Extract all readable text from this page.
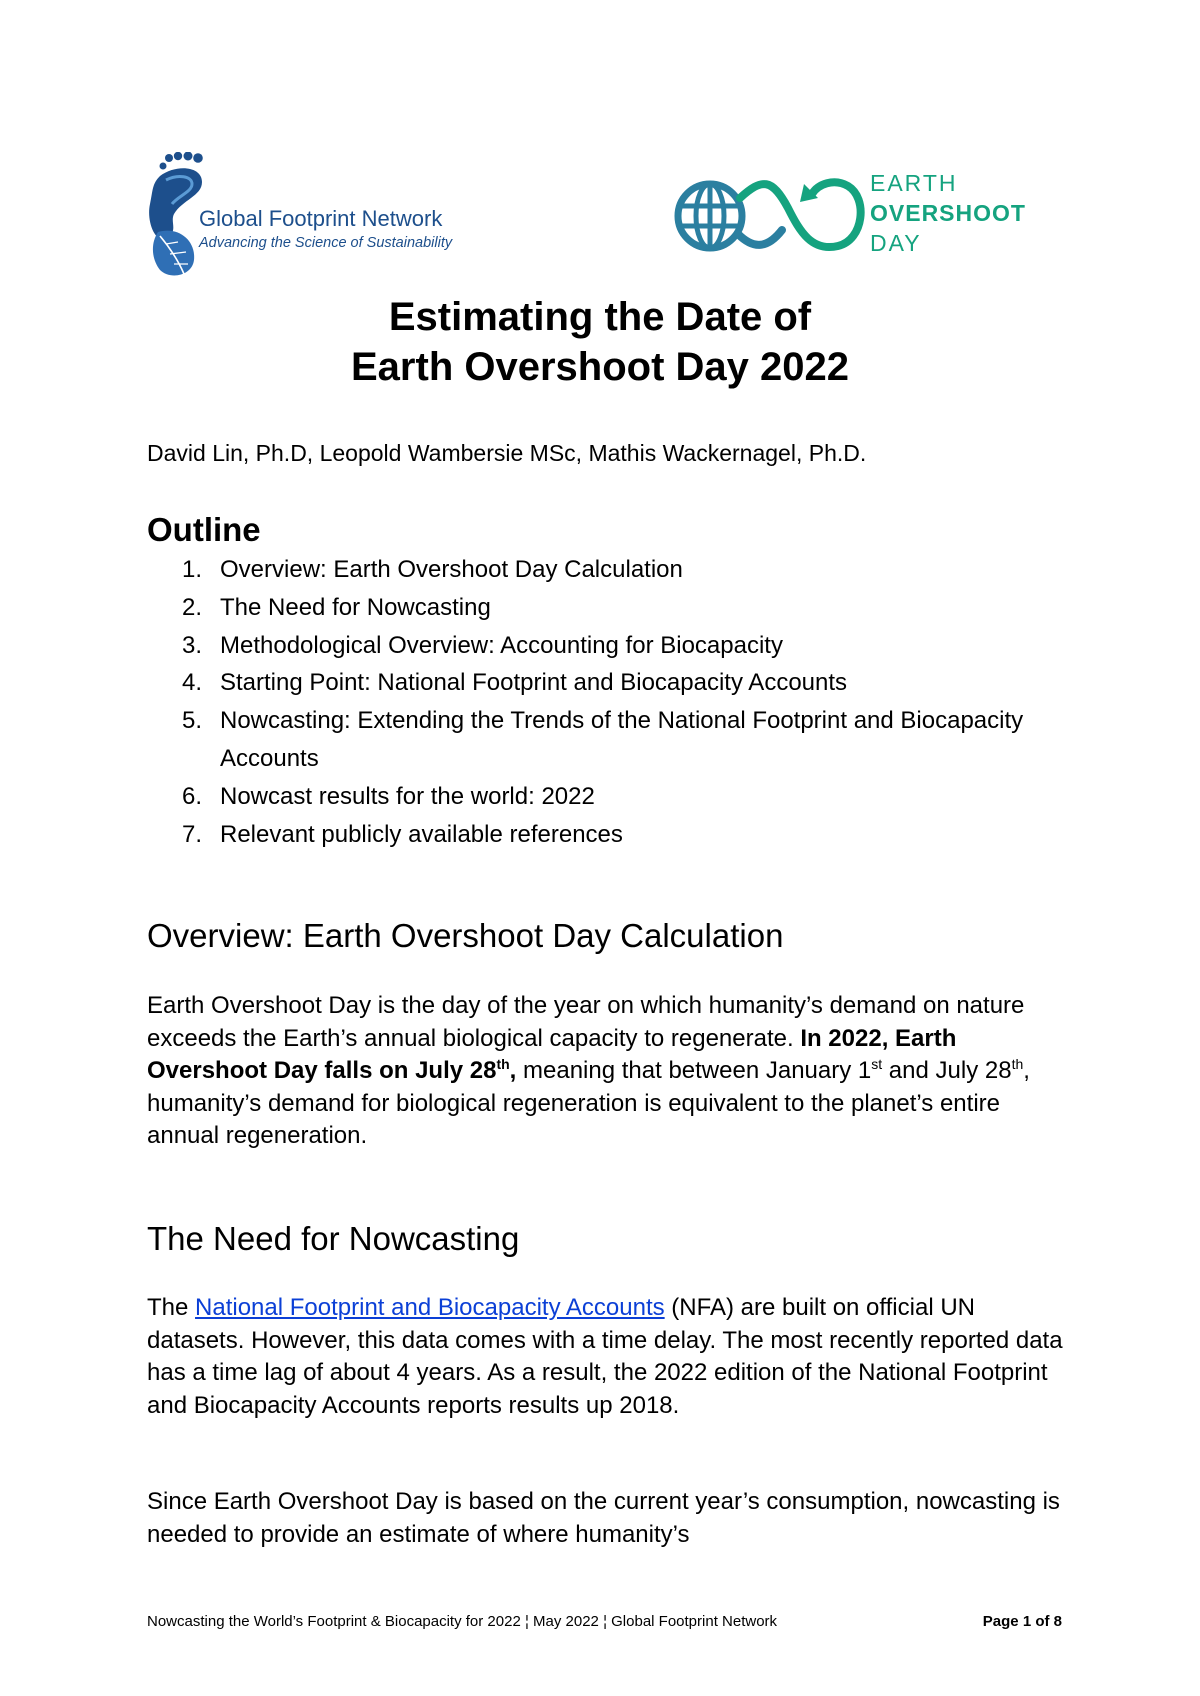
Global Footprint Network
Advancing the Science of Sustainability
EARTH
OVERSHOOT
DAY
Estimating the Date of
Earth Overshoot Day 2022
David Lin, Ph.D, Leopold Wambersie MSc, Mathis Wackernagel, Ph.D.
Outline
1. Overview: Earth Overshoot Day Calculation
2. The Need for Nowcasting
3. Methodological Overview: Accounting for Biocapacity
4. Starting Point: National Footprint and Biocapacity Accounts
5. Nowcasting: Extending the Trends of the National Footprint and Biocapacity Accounts
6. Nowcast results for the world: 2022
7. Relevant publicly available references
Overview: Earth Overshoot Day Calculation

Earth Overshoot Day is the day of the year on which humanity’s demand on nature exceeds the Earth’s annual biological capacity to regenerate. In 2022, Earth Overshoot Day falls on July 28th, meaning that between January 1st and July 28th, humanity’s demand for biological regeneration is equivalent to the planet’s entire annual regeneration.

The Need for Nowcasting

The National Footprint and Biocapacity Accounts (NFA) are built on official UN datasets. However, this data comes with a time delay. The most recently reported data has a time lag of about 4 years. As a result, the 2022 edition of the National Footprint and Biocapacity Accounts reports results up 2018.

Since Earth Overshoot Day is based on the current year’s consumption, nowcasting is needed to provide an estimate of where humanity’s

Nowcasting the World’s Footprint & Biocapacity for 2022 ¦ May 2022 ¦ Global Footprint Network	Page 1 of 8
